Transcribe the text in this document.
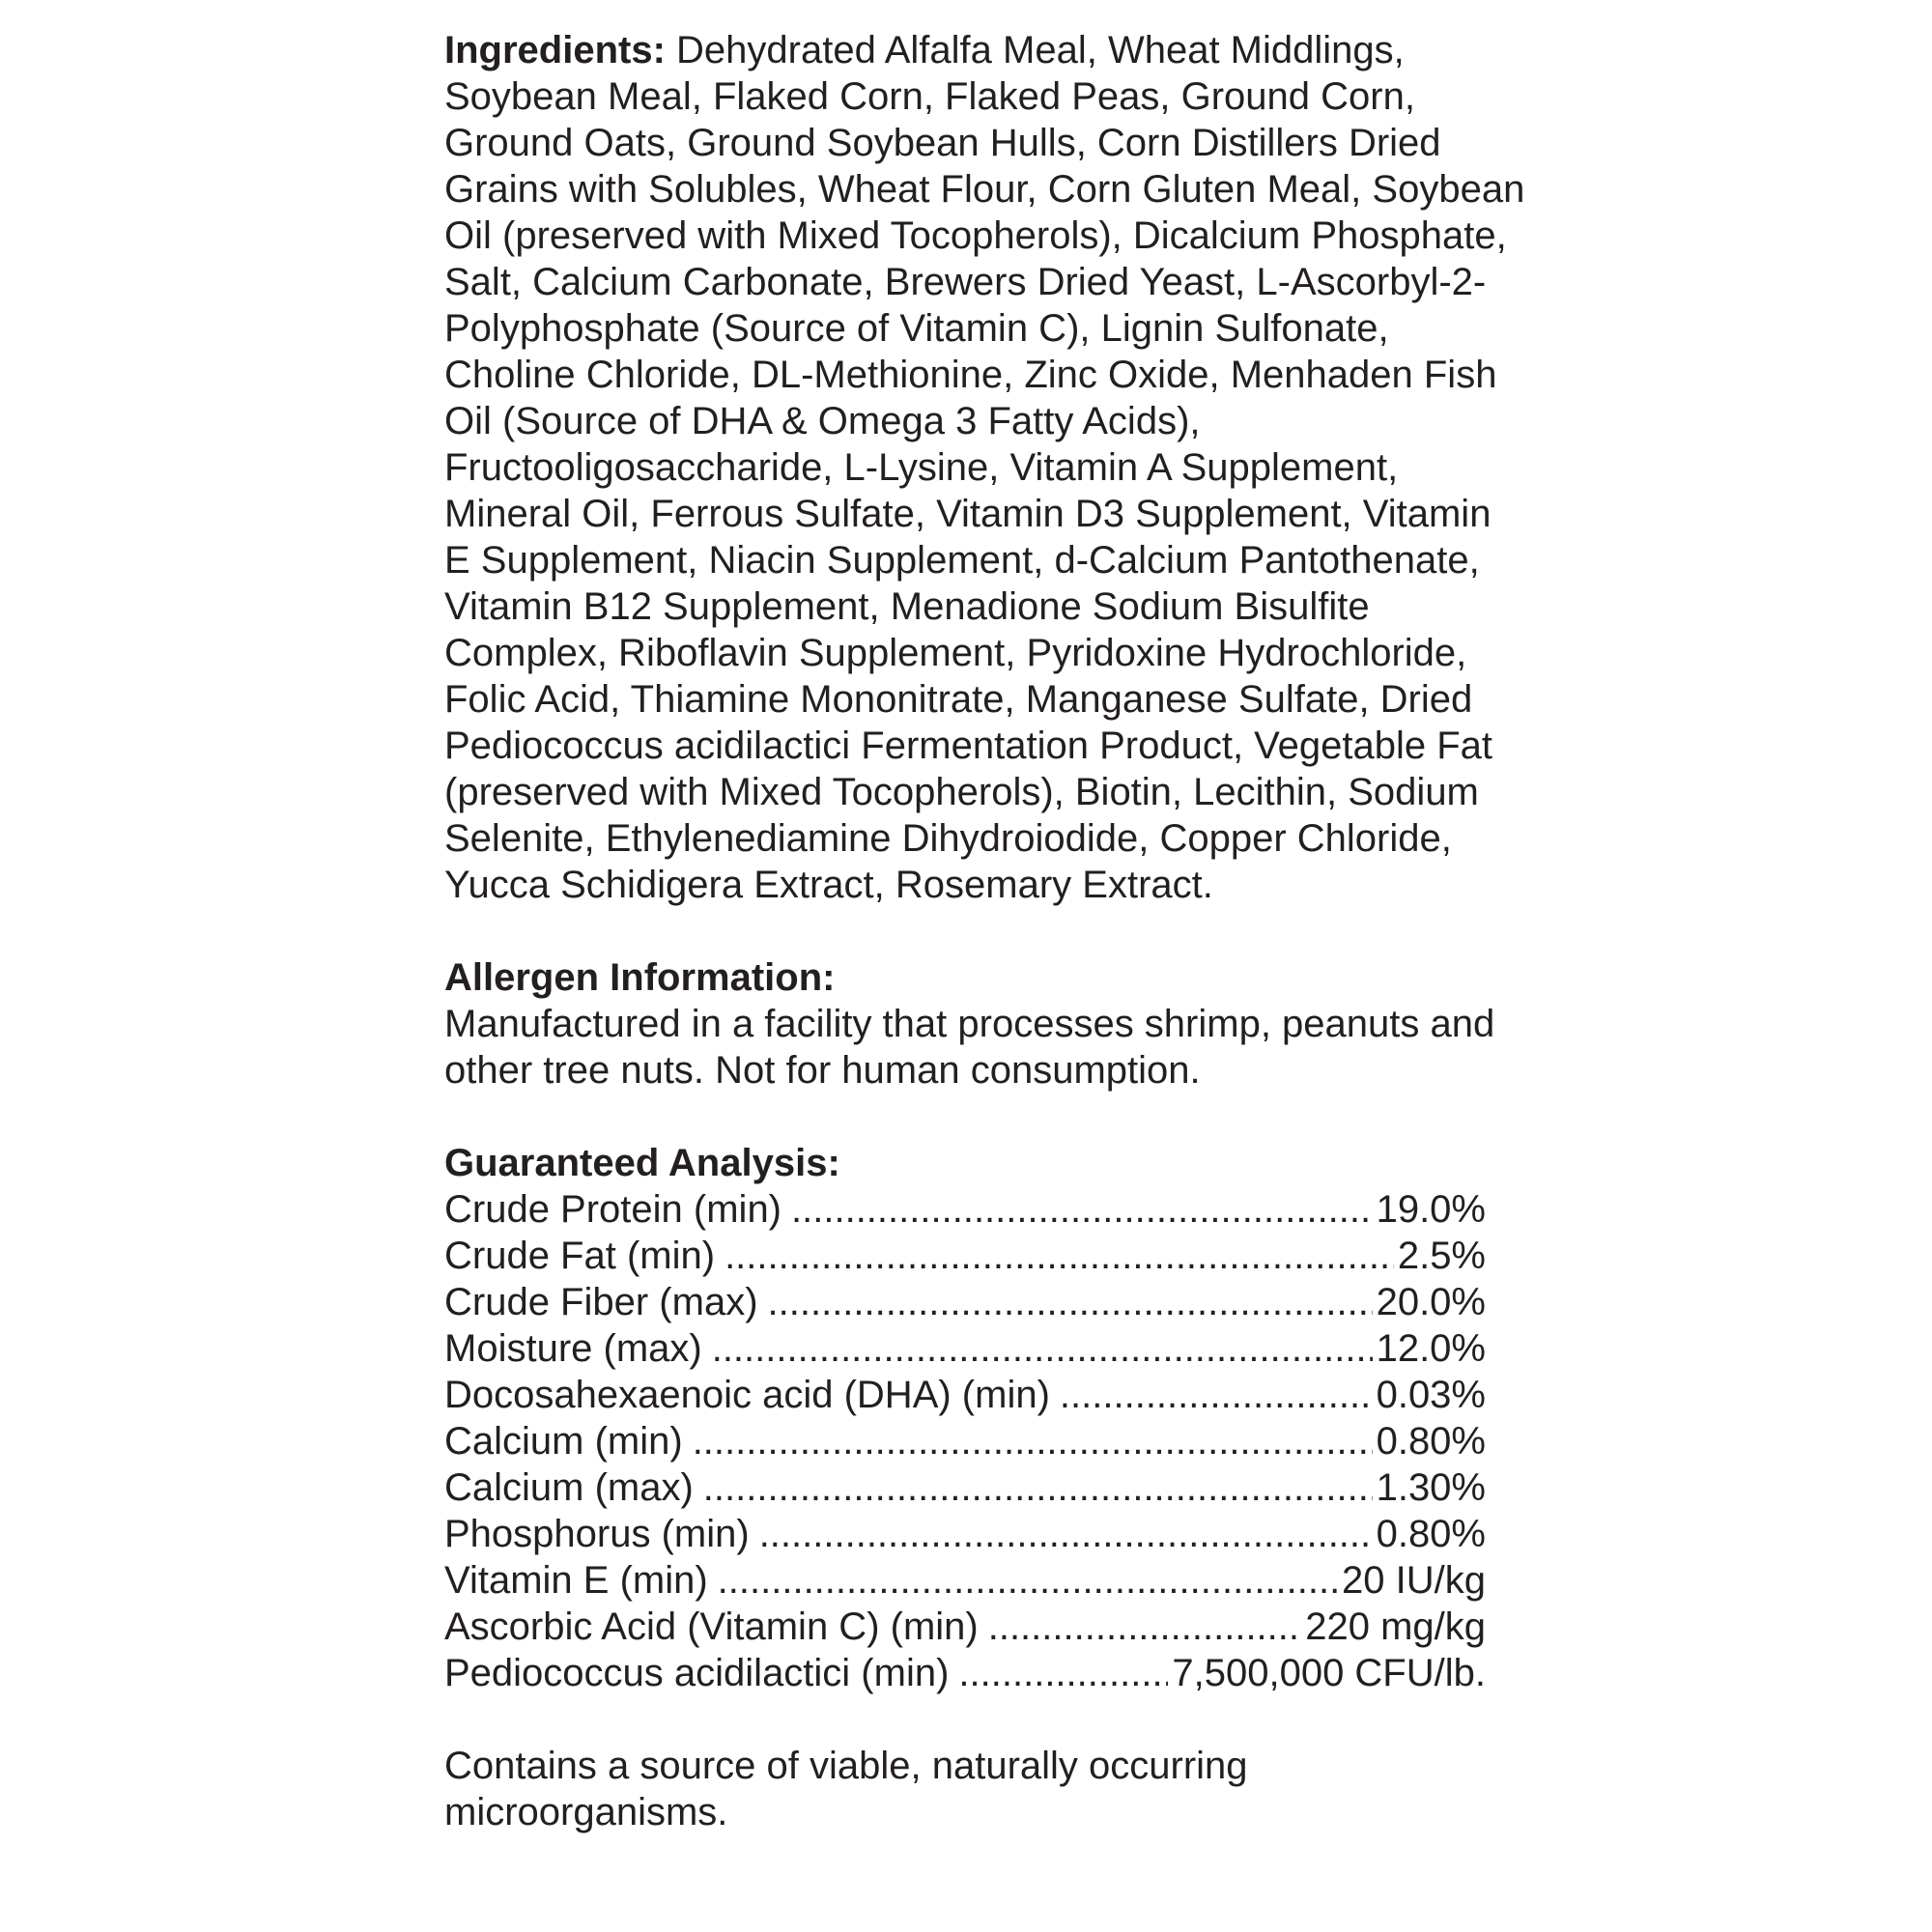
Ingredients: Dehydrated Alfalfa Meal, Wheat Middlings, Soybean Meal, Flaked Corn, Flaked Peas, Ground Corn, Ground Oats, Ground Soybean Hulls, Corn Distillers Dried Grains with Solubles, Wheat Flour, Corn Gluten Meal, Soybean Oil (preserved with Mixed Tocopherols), Dicalcium Phosphate, Salt, Calcium Carbonate, Brewers Dried Yeast, L-Ascorbyl-2-Polyphosphate (Source of Vitamin C), Lignin Sulfonate, Choline Chloride, DL-Methionine, Zinc Oxide, Menhaden Fish Oil (Source of DHA & Omega 3 Fatty Acids), Fructooligosaccharide, L-Lysine, Vitamin A Supplement, Mineral Oil, Ferrous Sulfate, Vitamin D3 Supplement, Vitamin E Supplement, Niacin Supplement, d-Calcium Pantothenate, Vitamin B12 Supplement, Menadione Sodium Bisulfite Complex, Riboflavin Supplement, Pyridoxine Hydrochloride, Folic Acid, Thiamine Mononitrate, Manganese Sulfate, Dried Pediococcus acidilactici Fermentation Product, Vegetable Fat (preserved with Mixed Tocopherols), Biotin, Lecithin, Sodium Selenite, Ethylenediamine Dihydroiodide, Copper Chloride, Yucca Schidigera Extract, Rosemary Extract.

Allergen Information:

Manufactured in a facility that processes shrimp, peanuts and other tree nuts. Not for human consumption.

Guaranteed Analysis:
Crude Protein (min) .....	19.0%
Crude Fat (min) .....	2.5%
Crude Fiber (max) .....	20.0%
Moisture (max) .....	12.0%
Docosahexaenoic acid (DHA) (min) .....	0.03%
Calcium (min) .....	0.80%
Calcium (max) .....	1.30%
Phosphorus (min) .....	0.80%
Vitamin E (min) .....	20 IU/kg
Ascorbic Acid (Vitamin C) (min) .....	220 mg/kg
Pediococcus acidilactici (min) .....	7,500,000 CFU/lb.

Contains a source of viable, naturally occurring microorganisms.
